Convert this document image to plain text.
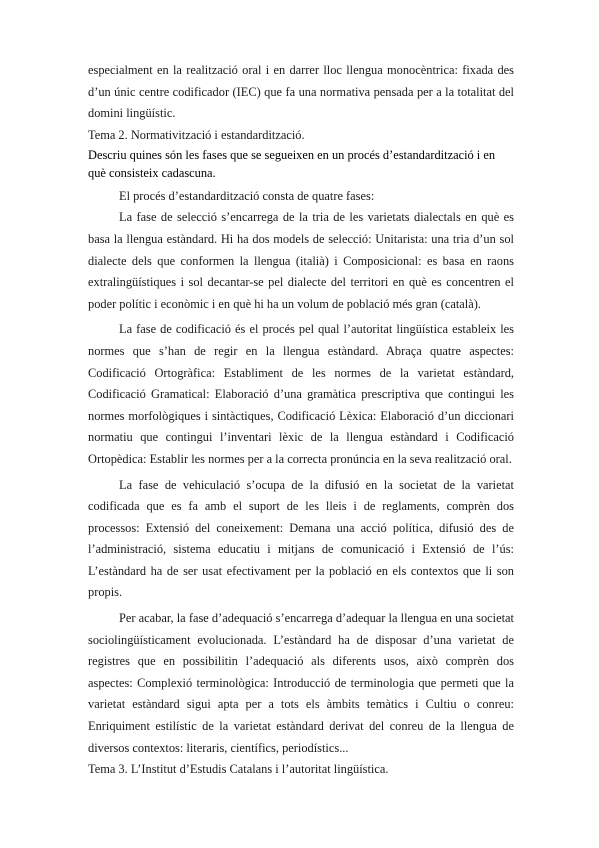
especialment en la realització oral i en darrer lloc llengua monocèntrica: fixada des d’un únic centre codificador (IEC) que fa una normativa pensada per a la totalitat del domini lingüístic.

Tema 2. Normativització i estandardització.

Descriu quines són les fases que se segueixen en un procés d’estandardització i en què consisteix cadascuna.

El procés d’estandardització consta de quatre fases:

La fase de selecció s’encarrega de la tria de les varietats dialectals en què es basa la llengua estàndard. Hi ha dos models de selecció: Unitarista: una tria d’un sol dialecte dels que conformen la llengua (italià) i Composicional: es basa en raons extralingüístiques i sol decantar-se pel dialecte del territori en què es concentren el poder polític i econòmic i en què hi ha un volum de població més gran (català).

La fase de codificació és el procés pel qual l’autoritat lingüística estableix les normes que s’han de regir en la llengua estàndard. Abraça quatre aspectes: Codificació Ortogràfica: Establiment de les normes de la varietat estàndard, Codificació Gramatical: Elaboració d’una gramàtica prescriptiva que contingui les normes morfològiques i sintàctiques, Codificació Lèxica: Elaboració d’un diccionari normatiu que contingui l’inventari lèxic de la llengua estàndard i Codificació Ortopèdica: Establir les normes per a la correcta pronúncia en la seva realització oral.

La fase de vehiculació s’ocupa de la difusió en la societat de la varietat codificada que es fa amb el suport de les lleis i de reglaments, comprèn dos processos: Extensió del coneixement: Demana una acció política, difusió des de l’administració, sistema educatiu i mitjans de comunicació i Extensió de l’ús: L’estàndard ha de ser usat efectivament per la població en els contextos que li son propis.

Per acabar, la fase d’adequació s’encarrega d’adequar la llengua en una societat sociolingüísticament evolucionada. L’estàndard ha de disposar d’una varietat de registres que en possibilitin l’adequació als diferents usos, això comprèn dos aspectes: Complexió terminològica: Introducció de terminologia que permeti que la varietat estàndard sigui apta per a tots els àmbits temàtics i Cultiu o conreu: Enriquiment estilístic de la varietat estàndard derivat del conreu de la llengua de diversos contextos: literaris, científics, periodístics...

Tema 3. L’Institut d’Estudis Catalans i l’autoritat lingüística.
